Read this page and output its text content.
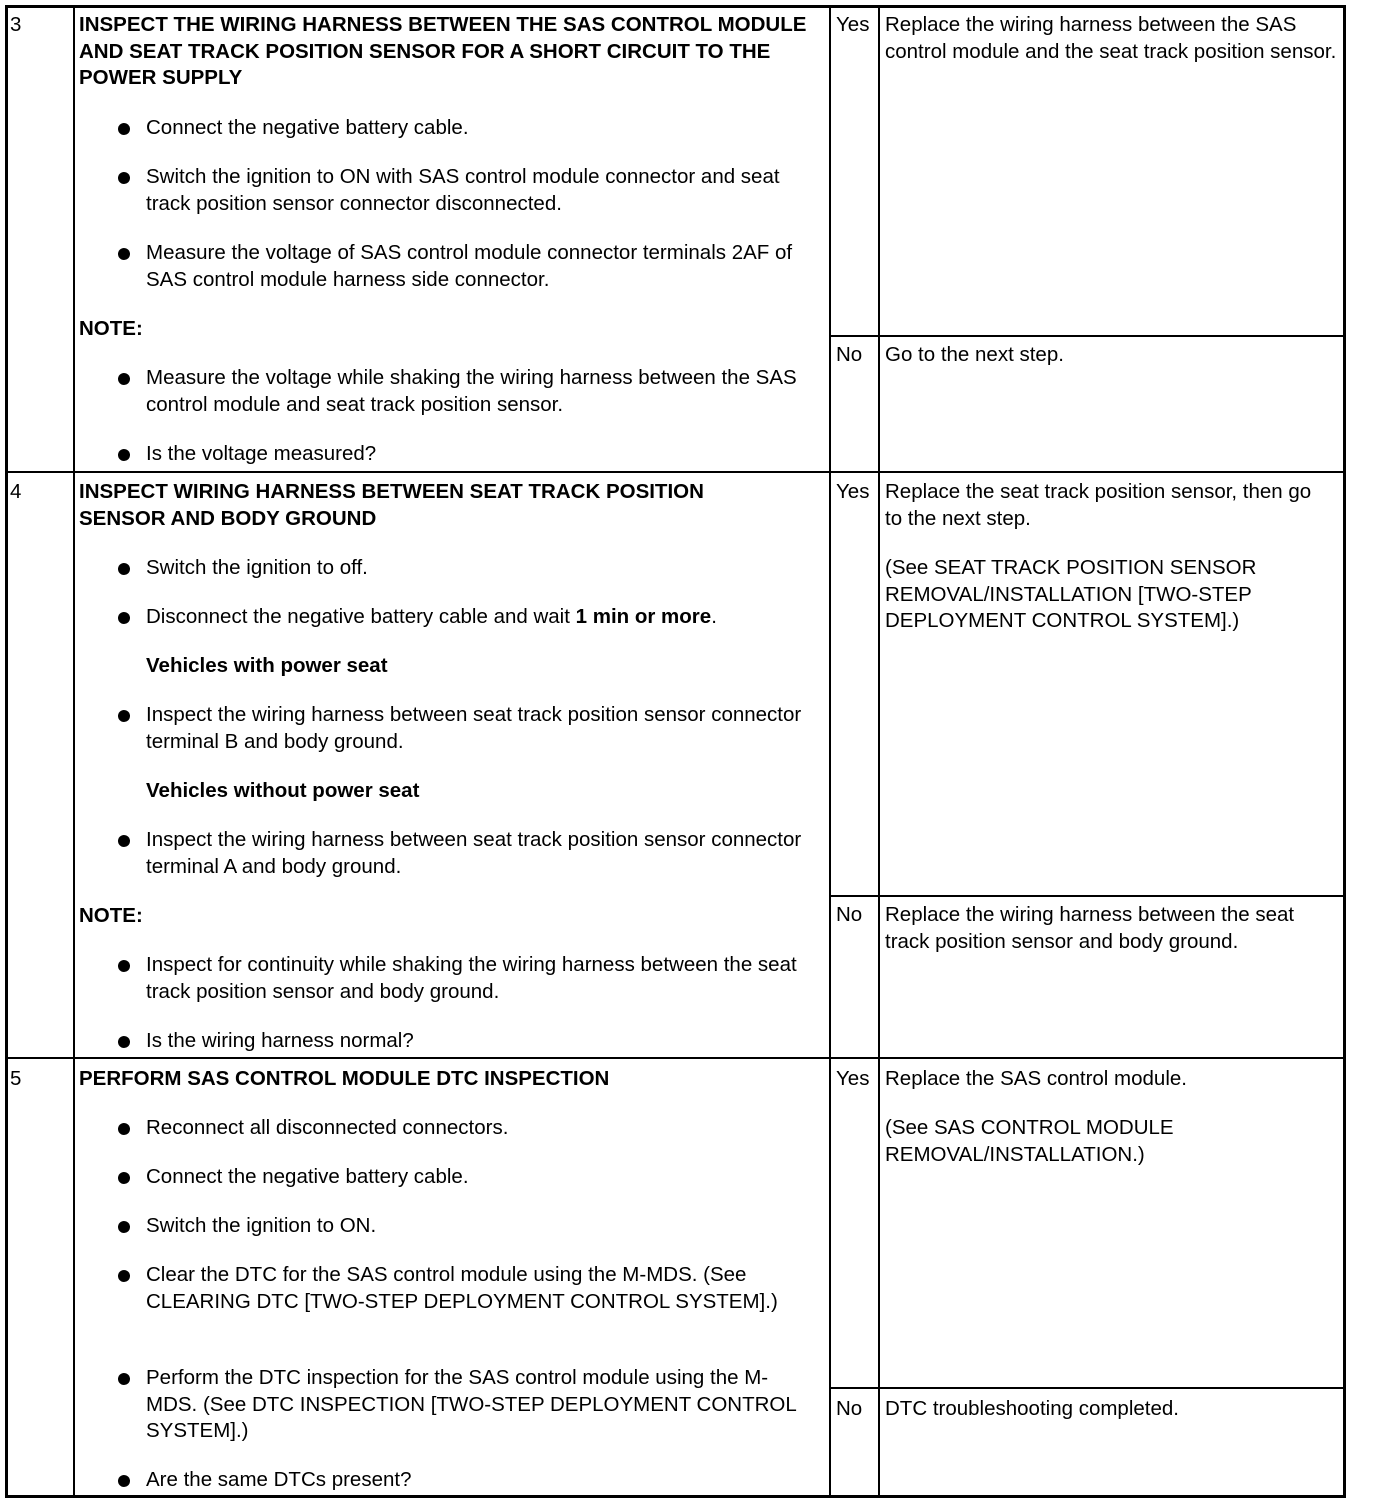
3	INSPECT THE WIRING HARNESS BETWEEN THE SAS CONTROL MODULE AND SEAT TRACK POSITION SENSOR FOR A SHORT CIRCUIT TO THE POWER SUPPLY
Connect the negative battery cable.
Switch the ignition to ON with SAS control module connector and seat track position sensor connector disconnected.
Measure the voltage of SAS control module connector terminals 2AF of SAS control module harness side connector.
NOTE:
Measure the voltage while shaking the wiring harness between the SAS control module and seat track position sensor.
Is the voltage measured?
Yes Replace the wiring harness between the SAS control module and the seat track position sensor.
No Go to the next step.
4	INSPECT WIRING HARNESS BETWEEN SEAT TRACK POSITION SENSOR AND BODY GROUND
Switch the ignition to off.
Disconnect the negative battery cable and wait 1 min or more.
Vehicles with power seat
Inspect the wiring harness between seat track position sensor connector terminal B and body ground.
Vehicles without power seat
Inspect the wiring harness between seat track position sensor connector terminal A and body ground.
NOTE:
Inspect for continuity while shaking the wiring harness between the seat track position sensor and body ground.
Is the wiring harness normal?
Yes Replace the seat track position sensor, then go to the next step.
(See SEAT TRACK POSITION SENSOR REMOVAL/INSTALLATION [TWO-STEP DEPLOYMENT CONTROL SYSTEM].)
No Replace the wiring harness between the seat track position sensor and body ground.
5	PERFORM SAS CONTROL MODULE DTC INSPECTION
Reconnect all disconnected connectors.
Connect the negative battery cable.
Switch the ignition to ON.
Clear the DTC for the SAS control module using the M-MDS. (See CLEARING DTC [TWO-STEP DEPLOYMENT CONTROL SYSTEM].)
Perform the DTC inspection for the SAS control module using the M-MDS. (See DTC INSPECTION [TWO-STEP DEPLOYMENT CONTROL SYSTEM].)
Are the same DTCs present?
Yes Replace the SAS control module.
(See SAS CONTROL MODULE REMOVAL/INSTALLATION.)
No DTC troubleshooting completed.
